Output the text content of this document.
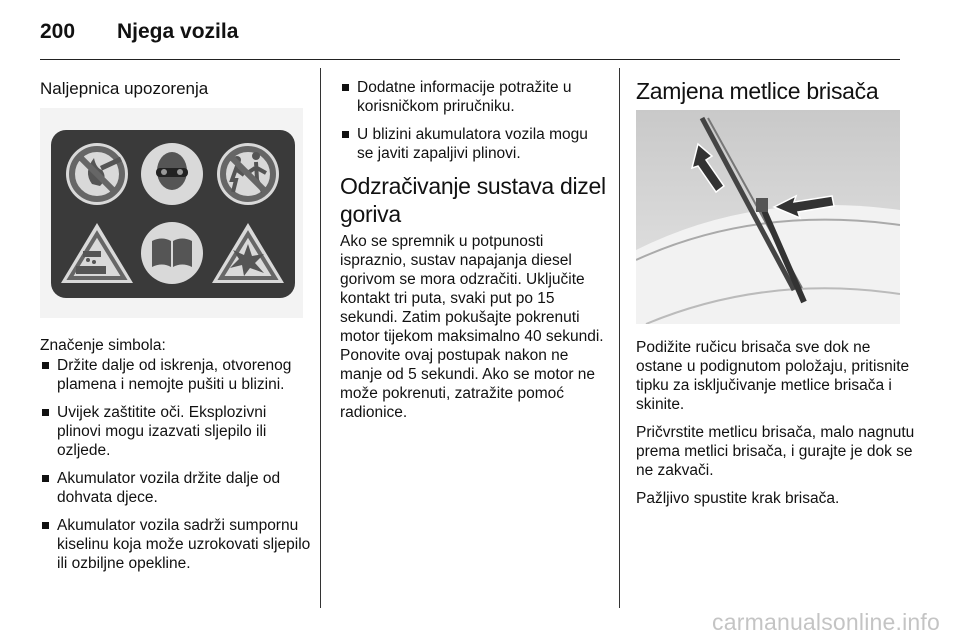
200 Njega vozila
Naljepnica upozorenja
Značenje simbola:
Držite dalje od iskrenja, otvorenog plamena i nemojte pušiti u blizini.
Uvijek zaštitite oči. Eksplozivni plinovi mogu izazvati sljepilo ili ozljede.
Akumulator vozila držite dalje od dohvata djece.
Akumulator vozila sadrži sumpornu kiselinu koja može uzrokovati sljepilo ili ozbiljne opekline.
Dodatne informacije potražite u korisničkom priručniku.
U blizini akumulatora vozila mogu se javiti zapaljivi plinovi.
Odzračivanje sustava dizel goriva
Ako se spremnik u potpunosti ispraznio, sustav napajanja diesel gorivom se mora odzračiti. Uključite kontakt tri puta, svaki put po 15 sekundi. Zatim pokušajte pokrenuti motor tijekom maksimalno 40 sekundi. Ponovite ovaj postupak nakon ne manje od 5 sekundi. Ako se motor ne može pokrenuti, zatražite pomoć radionice.
Zamjena metlice brisača

Podižite ručicu brisača sve dok ne ostane u podignutom položaju, pritisnite tipku za isključivanje metlice brisača i skinite.

Pričvrstite metlicu brisača, malo nagnutu prema metlici brisača, i gurajte je dok se ne zakvači.

Pažljivo spustite krak brisača.

carmanualsonline.info
